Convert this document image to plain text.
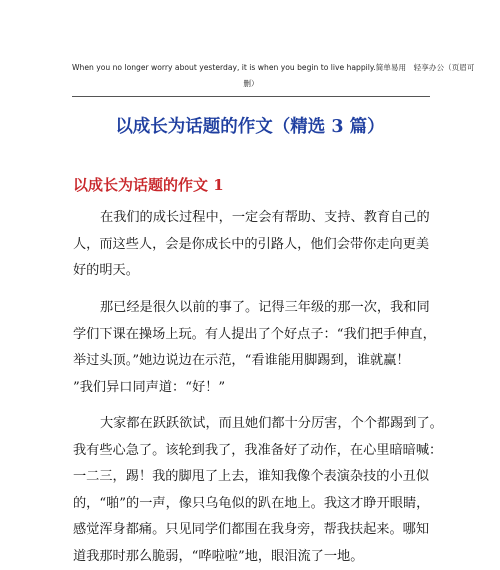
When you no longer worry about yesterday, it is when you begin to live happily.简单易用　轻享办公（页眉可
删）
以成长为话题的作文（精选 3 篇）
以成长为话题的作文 1
在我们的成长过程中，一定会有帮助、支持、教育自己的
人，而这些人，会是你成长中的引路人，他们会带你走向更美
好的明天。
那已经是很久以前的事了。记得三年级的那一次，我和同
学们下课在操场上玩。有人提出了个好点子：“我们把手伸直，
举过头顶。”她边说边在示范，“看谁能用脚踢到，谁就赢！
”我们异口同声道：“好！”
大家都在跃跃欲试，而且她们都十分厉害，个个都踢到了。
我有些心急了。该轮到我了，我准备好了动作，在心里暗暗喊：
一二三，踢！我的脚甩了上去，谁知我像个表演杂技的小丑似
的，“啪”的一声，像只乌龟似的趴在地上。我这才睁开眼睛，
感觉浑身都痛。只见同学们都围在我身旁，帮我扶起来。哪知
道我那时那么脆弱，“哗啦啦”地，眼泪流了一地。
